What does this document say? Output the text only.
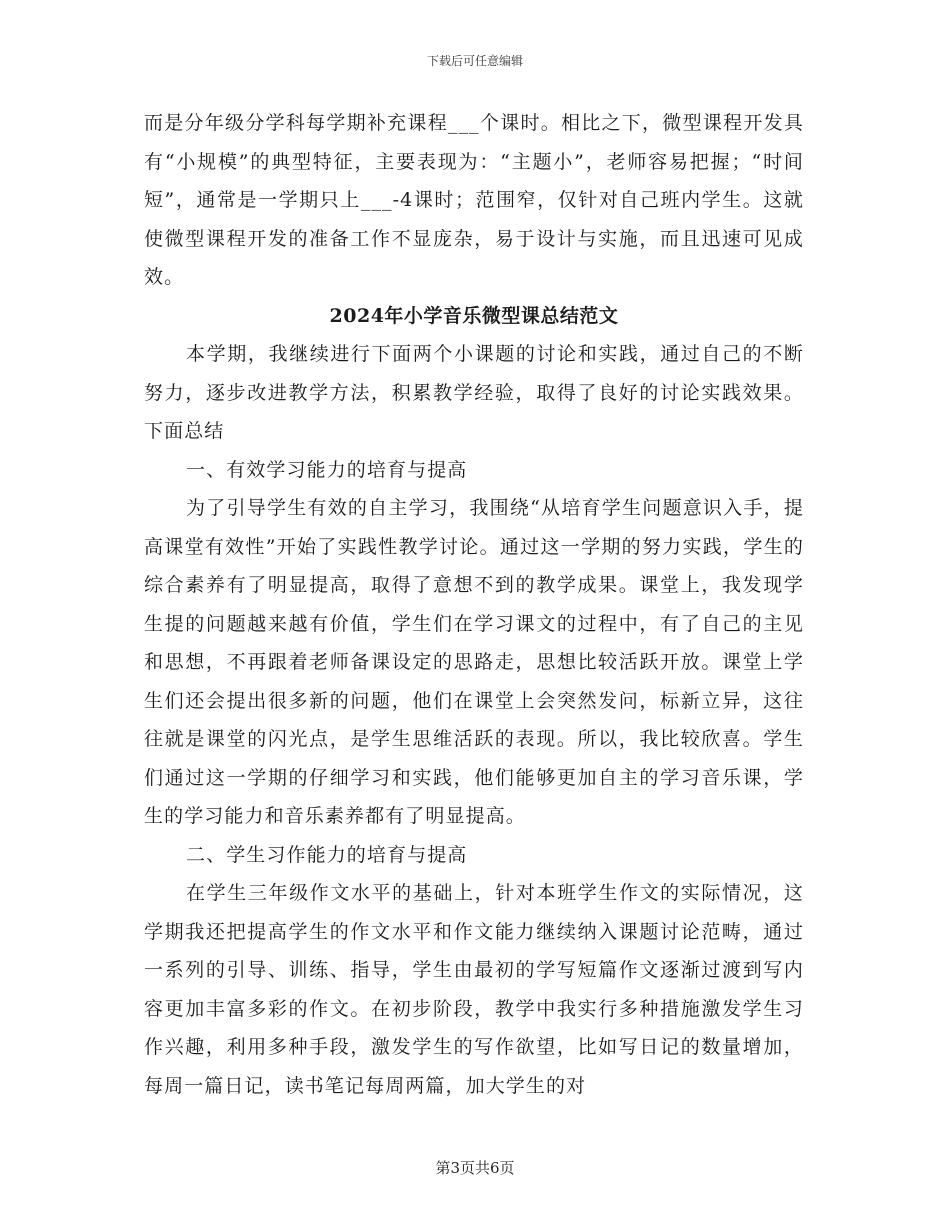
下载后可任意编辑

而是分年级分学科每学期补充课程___个课时。相比之下，微型课程开发具有“小规模”的典型特征，主要表现为：“主题小”，老师容易把握；“时间短”，通常是一学期只上___-4课时；范围窄，仅针对自己班内学生。这就使微型课程开发的准备工作不显庞杂，易于设计与实施，而且迅速可见成效。

2024年小学音乐微型课总结范文

本学期，我继续进行下面两个小课题的讨论和实践，通过自己的不断努力，逐步改进教学方法，积累教学经验，取得了良好的讨论实践效果。下面总结

一、有效学习能力的培育与提高

为了引导学生有效的自主学习，我围绕“从培育学生问题意识入手，提高课堂有效性”开始了实践性教学讨论。通过这一学期的努力实践，学生的综合素养有了明显提高，取得了意想不到的教学成果。课堂上，我发现学生提的问题越来越有价值，学生们在学习课文的过程中，有了自己的主见和思想，不再跟着老师备课设定的思路走，思想比较活跃开放。课堂上学生们还会提出很多新的问题，他们在课堂上会突然发问，标新立异，这往往就是课堂的闪光点，是学生思维活跃的表现。所以，我比较欣喜。学生们通过这一学期的仔细学习和实践，他们能够更加自主的学习音乐课，学生的学习能力和音乐素养都有了明显提高。

二、学生习作能力的培育与提高

在学生三年级作文水平的基础上，针对本班学生作文的实际情况，这学期我还把提高学生的作文水平和作文能力继续纳入课题讨论范畴，通过一系列的引导、训练、指导，学生由最初的学写短篇作文逐渐过渡到写内容更加丰富多彩的作文。在初步阶段，教学中我实行多种措施激发学生习作兴趣，利用多种手段，激发学生的写作欲望，比如写日记的数量增加，每周一篇日记，读书笔记每周两篇，加大学生的对

第3页共6页
